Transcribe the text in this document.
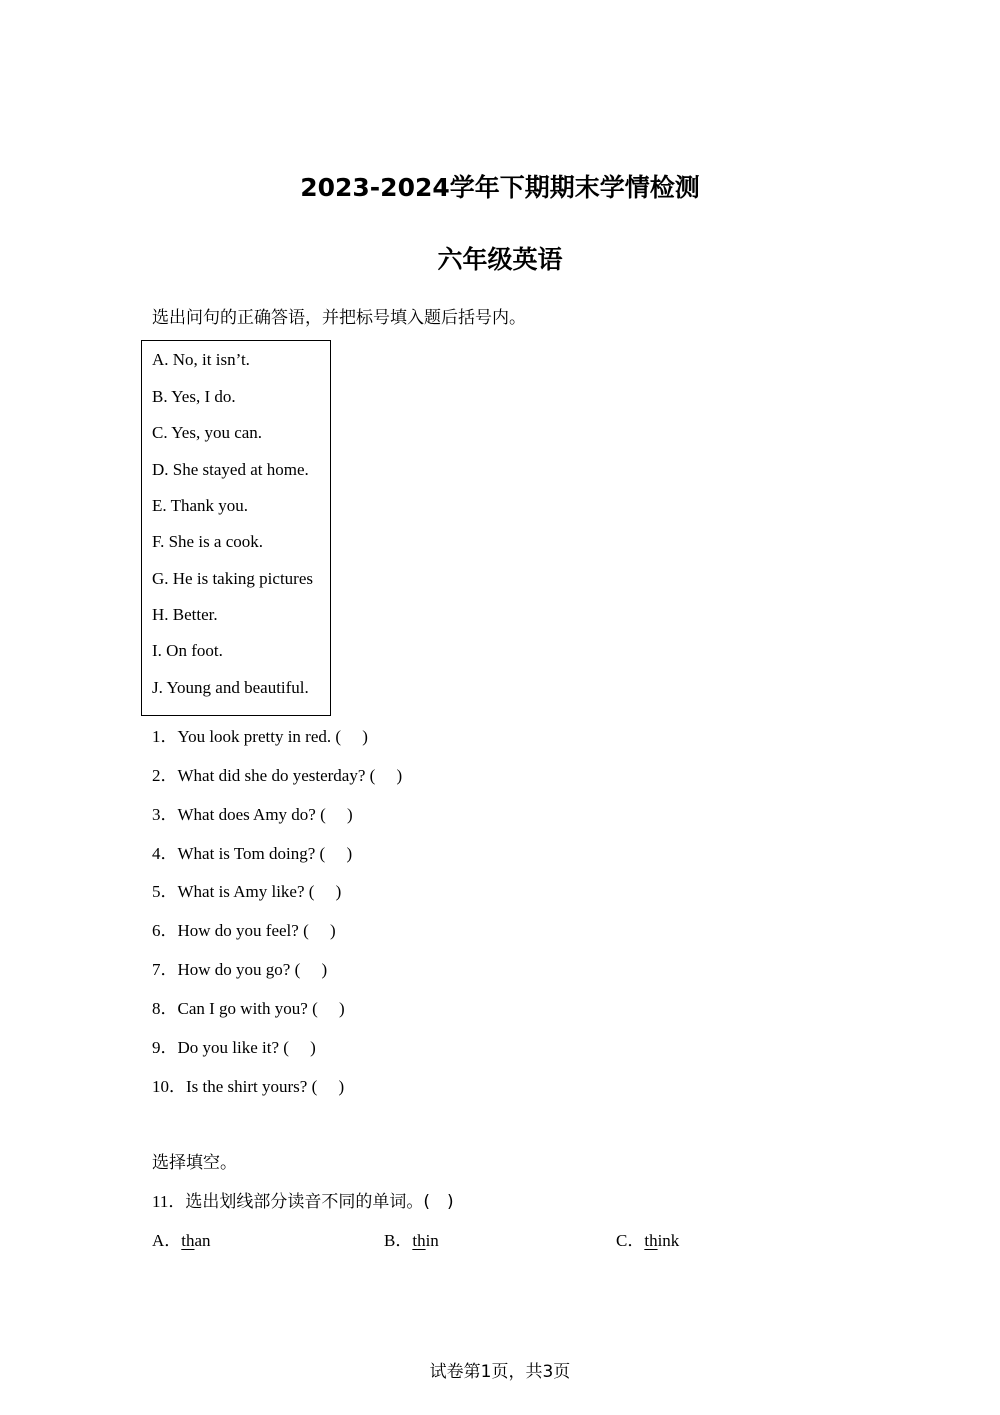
2023-2024学年下期期末学情检测
六年级英语
选出问句的正确答语，并把标号填入题后括号内。
A. No, it isn’t.
B. Yes, I do.
C. Yes, you can.
D. She stayed at home.
E. Thank you.
F. She is a cook.
G. He is taking pictures
H. Better.
I. On foot.
J. Young and beautiful.
1．You look pretty in red. (　 )
2．What did she do yesterday? (　 )
3．What does Amy do? (　 )
4．What is Tom doing? (　 )
5．What is Amy like? (　 )
6．How do you feel? (　 )
7．How do you go? (　 )
8．Can I go with you? (　 )
9．Do you like it? (　 )
10．Is the shirt yours? (　 )
选择填空。
11．选出划线部分读音不同的单词。(　)
A．than	B．thin	C．think
试卷第1页，共3页
